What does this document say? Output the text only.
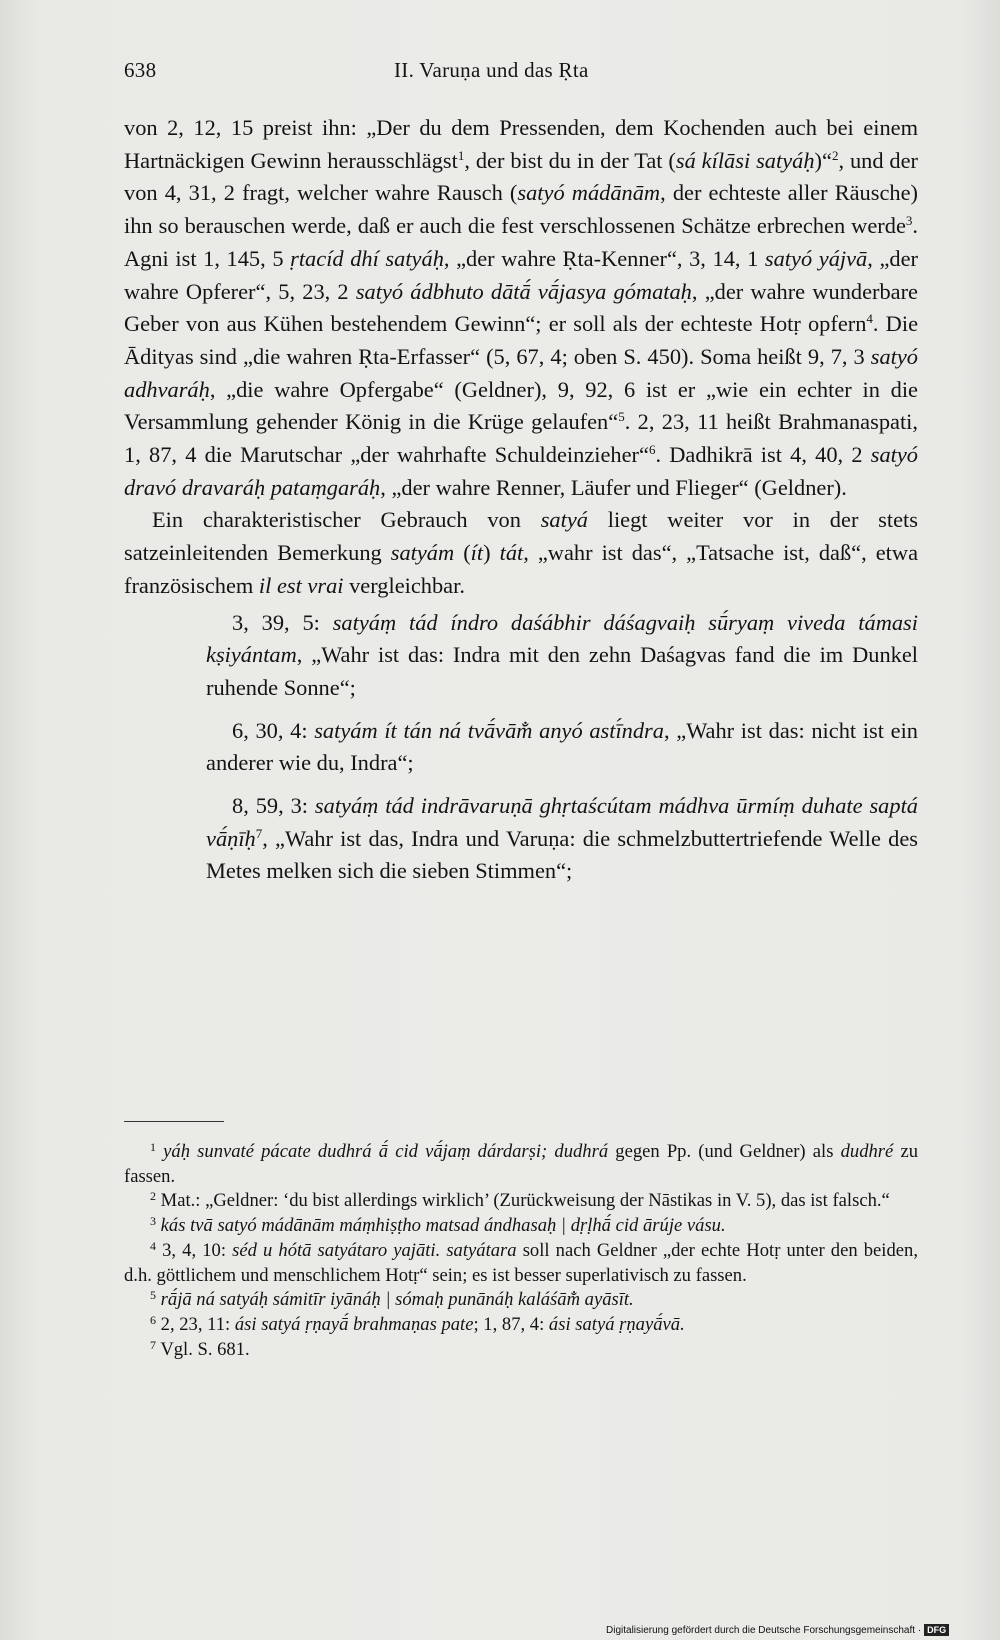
638	II. Varuṇa und das Ṛta

von 2, 12, 15 preist ihn: „Der du dem Pressenden, dem Kochenden auch bei einem Hartnäckigen Gewinn herausschlägst$^1$, der bist du in der Tat (sá kílāsi satyáḥ)“$^2$, und der von 4, 31, 2 fragt, welcher wahre Rausch (satyó mádānām, der echteste aller Räusche) ihn so berauschen werde, daß er auch die fest verschlossenen Schätze erbrechen werde$^3$. Agni ist 1, 145, 5 ṛtacíd dhí satyáḥ, „der wahre Ṛta-Kenner“, 3, 14, 1 satyó yájvā, „der wahre Opferer“, 5, 23, 2 satyó ádbhuto dātā́ vā́jasya gómataḥ, „der wahre wunderbare Geber von aus Kühen bestehendem Gewinn“; er soll als der echteste Hotṛ opfern$^4$. Die Ādityas sind „die wahren Ṛta-Erfasser“ (5, 67, 4; oben S. 450). Soma heißt 9, 7, 3 satyó adhvaráḥ, „die wahre Opfergabe“ (Geldner), 9, 92, 6 ist er „wie ein echter in die Versammlung gehender König in die Krüge gelaufen“$^5$. 2, 23, 11 heißt Brahmanaspati, 1, 87, 4 die Marutschar „der wahrhafte Schuldeinzieher“$^6$. Dadhikrā ist 4, 40, 2 satyó dravó dravaráḥ pataṃgaráḥ, „der wahre Renner, Läufer und Flieger“ (Geldner).

Ein charakteristischer Gebrauch von satyá liegt weiter vor in der stets satzeinleitenden Bemerkung satyám (ít) tát, „wahr ist das“, „Tatsache ist, daß“, etwa französischem il est vrai vergleichbar.

3, 39, 5: satyáṃ tád índro daśábhir dáśagvaiḥ sū́ryaṃ viveda támasi kṣiyántam, „Wahr ist das: Indra mit den zehn Daśagvas fand die im Dunkel ruhende Sonne“;

6, 30, 4: satyám ít tán ná tvā́vām̐ anyó astī́ndra, „Wahr ist das: nicht ist ein anderer wie du, Indra“;

8, 59, 3: satyáṃ tád indrāvaruṇā ghṛtaścútam mádhva ūrmíṃ duhate saptá vā́ṇīḥ$^7$, „Wahr ist das, Indra und Varuṇa: die schmelzbuttertriefende Welle des Metes melken sich die sieben Stimmen“;

$^1$ yáḥ sunvaté pácate dudhrá ā́ cid vā́jaṃ dárdarṣi; dudhrá gegen Pp. (und Geldner) als dudhré zu fassen.

$^2$ Mat.: „Geldner: ‘du bist allerdings wirklich’ (Zurückweisung der Nāstikas in V. 5), das ist falsch.“

$^3$ kás tvā satyó mádānām máṃhiṣṭho matsad ándhasaḥ | dṛḷhā́ cid ārúje vásu.

$^4$ 3, 4, 10: séd u hótā satyátaro yajāti. satyátara soll nach Geldner „der echte Hotṛ unter den beiden, d.h. göttlichem und menschlichem Hotṛ“ sein; es ist besser superlativisch zu fassen.

$^5$ rā́jā ná satyáḥ sámitīr iyānáḥ | sómaḥ punānáḥ kaláśām̐ ayāsīt.

$^6$ 2, 23, 11: ási satyá ṛṇayā́ brahmaṇas pate; 1, 87, 4: ási satyá ṛṇayā́vā.

$^7$ Vgl. S. 681.

Digitalisierung gefördert durch die Deutsche Forschungsgemeinschaft · DFG
